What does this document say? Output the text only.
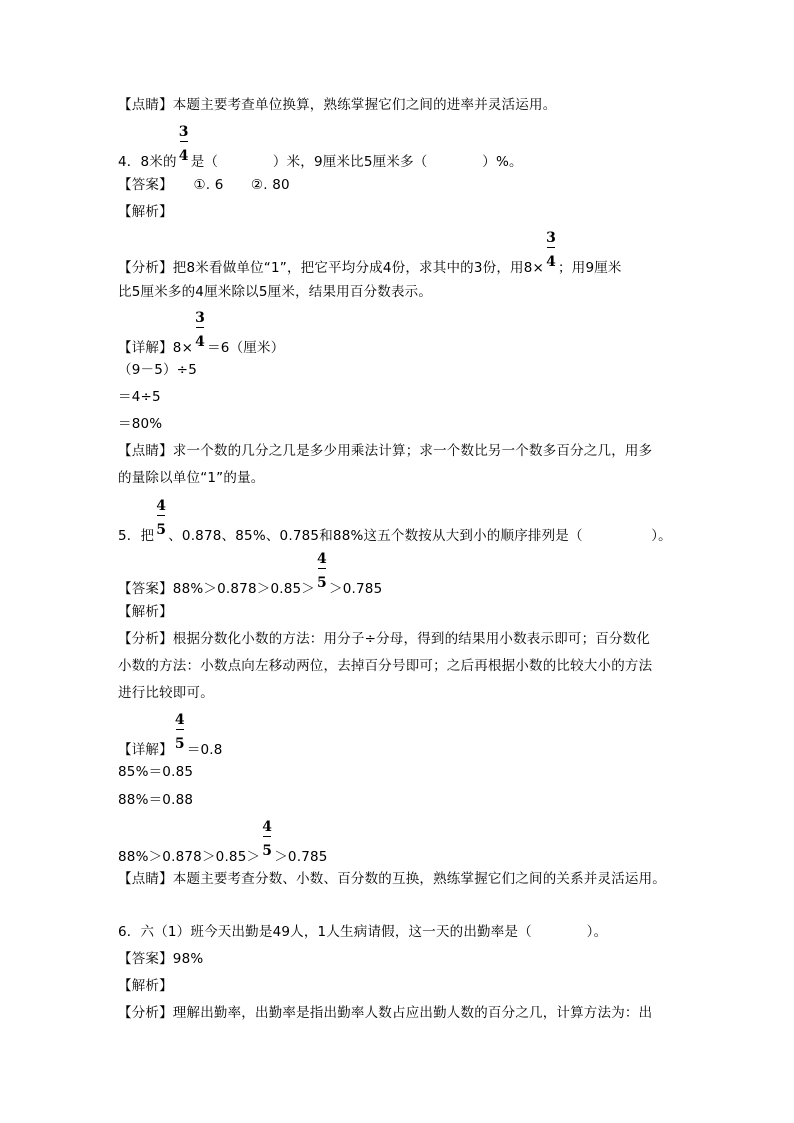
【点睛】本题主要考查单位换算，熟练掌握它们之间的进率并灵活运用。
4．8米的 $\frac{3}{4}$ 是（　　　　）米，9厘米比5厘米多（　　　　）%。
【答案】　　①. 6　　②. 80
【解析】
【分析】把8米看做单位“1”，把它平均分成4份，求其中的3份，用$8\times \frac{3}{4}$ ；用9厘米
比5厘米多的4厘米除以5厘米，结果用百分数表示。
【详解】$8\times \frac{3}{4} =6$（厘米）
（9－5）÷5
＝4÷5
＝80%
【点睛】求一个数的几分之几是多少用乘法计算；求一个数比另一个数多百分之几，用多
的量除以单位“1”的量。
5．把 $\frac{4}{5}$ 、0.878、85%、0.785和88%这五个数按从大到小的顺序排列是（　　　　　）。
【答案】$88\%>0.878>0.85> \frac{4}{5} >0.785$
【解析】
【分析】根据分数化小数的方法：用分子÷分母，得到的结果用小数表示即可；百分数化
小数的方法：小数点向左移动两位，去掉百分号即可；之后再根据小数的比较大小的方法
进行比较即可。
【详解】 $\frac{4}{5} =0.8$
85%＝0.85
88%＝0.88
$88\%>0.878>0.85> \frac{4}{5} >0.785$
【点睛】本题主要考查分数、小数、百分数的互换，熟练掌握它们之间的关系并灵活运用。
6．六（1）班今天出勤是49人，1人生病请假，这一天的出勤率是（　　　　）。
【答案】98%
【解析】
【分析】理解出勤率，出勤率是指出勤率人数占应出勤人数的百分之几，计算方法为：出
